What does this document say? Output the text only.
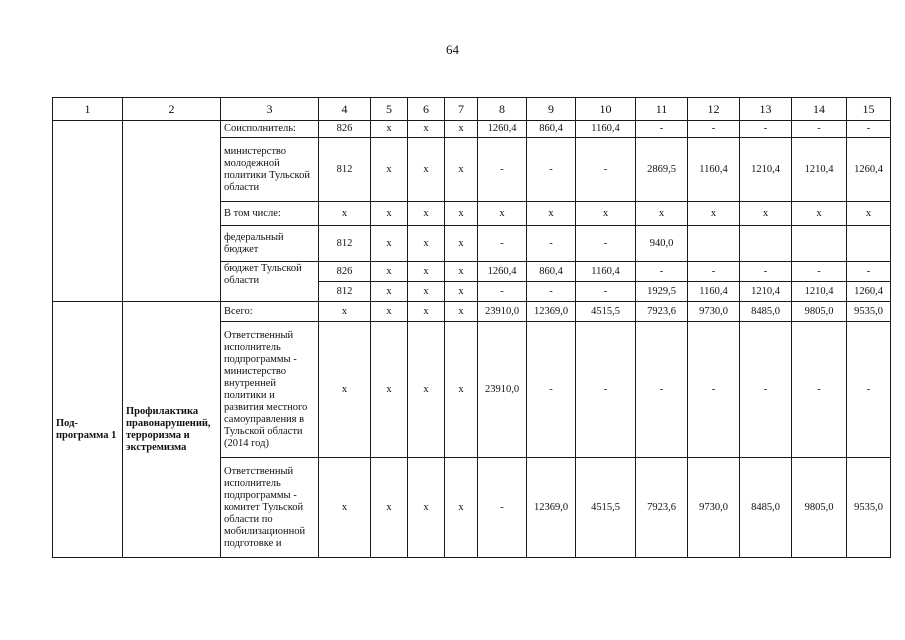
64
1	2	3	4	5	6	7	8	9	10	11	12	13	14	15
		Соисполнитель:	826	x	x	x	1260,4	860,4	1160,4	-	-	-	-	-
		министерство молодежной политики Тульской области	812	x	x	x	-	-	-	2869,5	1160,4	1210,4	1210,4	1260,4
		В том числе:	x	x	x	x	x	x	x	x	x	x	x	x
		федеральный бюджет	812	x	x	x	-	-	-	940,0				
		бюджет Тульской области	826	x	x	x	1260,4	860,4	1160,4	-	-	-	-	-
			812	x	x	x	-	-	-	1929,5	1160,4	1210,4	1210,4	1260,4
Под-программа 1	Профилактика правонарушений, терроризма и экстремизма	Всего:	x	x	x	x	23910,0	12369,0	4515,5	7923,6	9730,0	8485,0	9805,0	9535,0
		Ответственный исполнитель подпрограммы - министерство внутренней политики и развития местного самоуправления в Тульской области (2014 год)	x	x	x	x	23910,0	-	-	-	-	-	-	-
		Ответственный исполнитель подпрограммы - комитет Тульской области по мобилизационной подготовке и	x	x	x	x	-	12369,0	4515,5	7923,6	9730,0	8485,0	9805,0	9535,0
